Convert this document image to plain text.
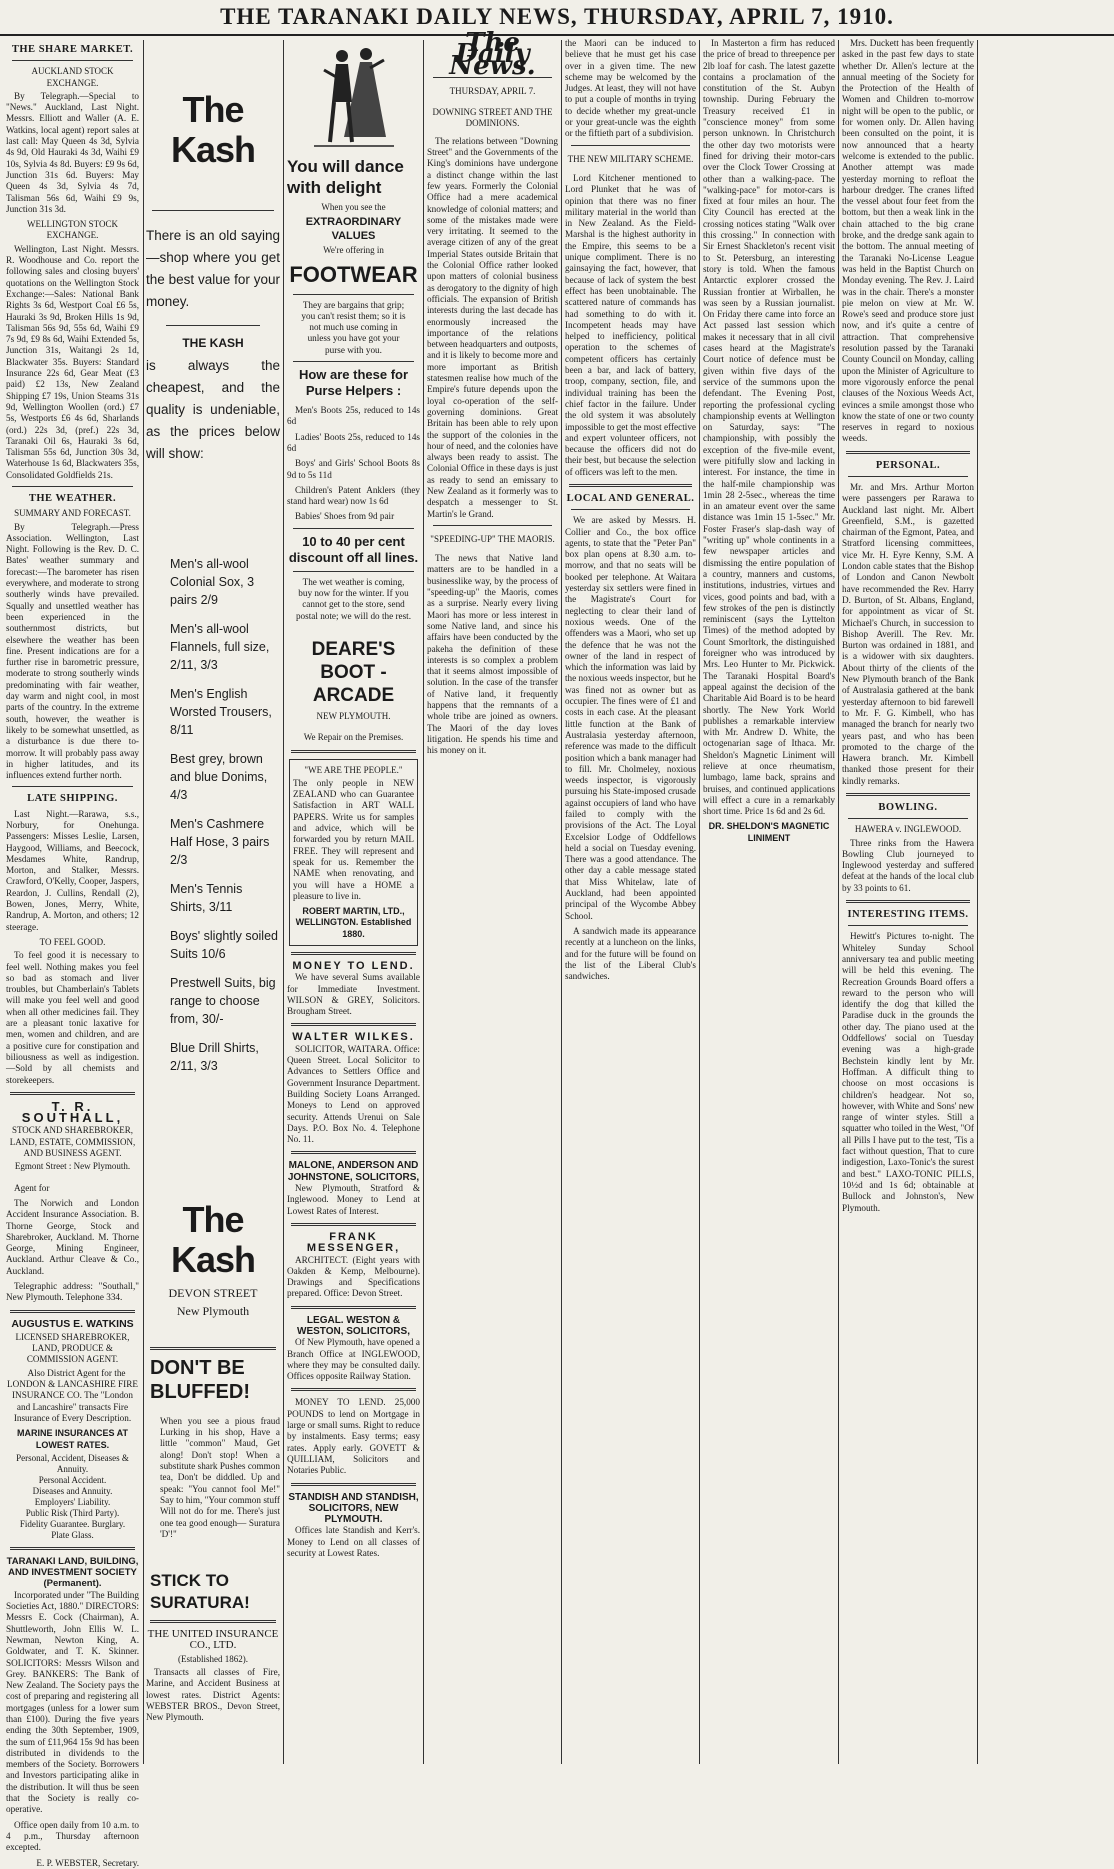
THE TARANAKI DAILY NEWS, THURSDAY, APRIL 7, 1910.
THE SHARE MARKET.
AUCKLAND STOCK EXCHANGE.

By Telegraph.—Special to "News." Auckland, Last Night. Messrs. Elliott and Waller (A. E. Watkins, local agent) report sales at last call: May Queen 4s 3d, Sylvia 4s 9d, Old Hauraki 4s 3d, Waihi £9 10s, Sylvia 4s 8d. Buyers: £9 9s 6d, Junction 31s 6d. Buyers: May Queen 4s 3d, Sylvia 4s 7d, Talisman 56s 6d, Waihi £9 9s, Junction 31s 3d.

WELLINGTON STOCK EXCHANGE.

Wellington, Last Night. Messrs. R. Woodhouse and Co. report the following sales and closing buyers' quotations on the Wellington Stock Exchange:—Sales: National Bank Rights 3s 6d, Westport Coal £6 5s, Hauraki 3s 9d, Broken Hills 1s 9d, Talisman 56s 9d, 55s 6d, Waihi £9 7s 9d, £9 8s 6d, Waihi Extended 5s, Junction 31s, Waitangi 2s 1d, Blackwater 35s. Buyers: Standard Insurance 22s 6d, Gear Meat (£3 paid) £2 13s, New Zealand Shipping £7 19s, Union Steams 31s 9d, Wellington Woollen (ord.) £7 5s, Westports £6 4s 6d, Sharlands (ord.) 22s 3d, (pref.) 22s 3d, Taranaki Oil 6s, Hauraki 3s 6d, Talisman 55s 6d, Junction 30s 3d, Waterhouse 1s 6d, Blackwaters 35s, Consolidated Goldfields 21s.

THE WEATHER.
SUMMARY AND FORECAST.

By Telegraph.—Press Association. Wellington, Last Night. Following is the Rev. D. C. Bates' weather summary and forecast:—The barometer has risen everywhere, and moderate to strong southerly winds have prevailed. Squally and unsettled weather has been experienced in the southernmost districts, but elsewhere the weather has been fine. Present indications are for a further rise in barometric pressure, moderate to strong southerly winds predominating with fair weather, day warm and night cool, in most parts of the country. In the extreme south, however, the weather is likely to be somewhat unsettled, as a disturbance is due there to-morrow. It will probably pass away in higher latitudes, and its influences extend further north.

LATE SHIPPING.

Last Night.—Rarawa, s.s., Norbury, for Onehunga. Passengers: Misses Leslie, Larsen, Haygood, Williams, and Beecock, Mesdames White, Randrup, Morton, and Stalker, Messrs. Crawford, O'Kelly, Cooper, Jaspers, Reardon, J. Cullins, Rendall (2), Bowen, Jones, Merry, White, Randrup, A. Morton, and others; 12 steerage.

TO FEEL GOOD.

To feel good it is necessary to feel well. Nothing makes you feel so bad as stomach and liver troubles, but Chamberlain's Tablets will make you feel well and good when all other medicines fail. They are a pleasant tonic laxative for men, women and children, and are a positive cure for constipation and biliousness as well as indigestion.—Sold by all chemists and storekeepers.

T. R. SOUTHALL,
STOCK AND SHAREBROKER, LAND, ESTATE, COMMISSION, AND BUSINESS AGENT.
Egmont Street : New Plymouth.

Agent for

The Norwich and London Accident Insurance Association. B. Thorne George, Stock and Sharebroker, Auckland. M. Thorne George, Mining Engineer, Auckland. Arthur Cleave & Co., Auckland.

Telegraphic address: "Southall," New Plymouth. Telephone 334.

AUGUSTUS E. WATKINS
LICENSED SHAREBROKER, LAND, PRODUCE & COMMISSION AGENT.

Also District Agent for the LONDON & LANCASHIRE FIRE INSURANCE CO. The "London and Lancashire" transacts Fire Insurance of Every Description.

MARINE INSURANCES AT LOWEST RATES.
Personal, Accident, Diseases & Annuity.
Personal Accident.
Diseases and Annuity.
Employers' Liability.
Public Risk (Third Party).
Fidelity Guarantee. Burglary.
Plate Glass.
TARANAKI LAND, BUILDING, AND INVESTMENT SOCIETY (Permanent).

Incorporated under "The Building Societies Act, 1880." DIRECTORS: Messrs E. Cock (Chairman), A. Shuttleworth, John Ellis W. L. Newman, Newton King, A. Goldwater, and T. K. Skinner. SOLICITORS: Messrs Wilson and Grey. BANKERS: The Bank of New Zealand. The Society pays the cost of preparing and registering all mortgages (unless for a lower sum than £100). During the five years ending the 30th September, 1909, the sum of £11,964 15s 9d has been distributed in dividends to the members of the Society. Borrowers and Investors participating alike in the distribution. It will thus be seen that the Society is really co-operative.

Office open daily from 10 a.m. to 4 p.m., Thursday afternoon excepted.

E. P. WEBSTER, Secretary.
The Kash
There is an old saying—shop where you get the best value for your money.
THE KASH
is always the cheapest, and the quality is undeniable, as the prices below will show:
Men's all-wool Colonial Sox, 3 pairs 2/9
Men's all-wool Flannels, full size, 2/11, 3/3
Men's English Worsted Trousers, 8/11
Best grey, brown and blue Donims, 4/3
Men's Cashmere Half Hose, 3 pairs 2/3
Men's Tennis Shirts, 3/11
Boys' slightly soiled Suits 10/6
Prestwell Suits, big range to choose from, 30/-
Blue Drill Shirts, 2/11, 3/3
The Kash
DEVON STREET
New Plymouth
DON'T BE BLUFFED!

When you see a pious fraud Lurking in his shop, Have a little "common" Maud, Get along! Don't stop! When a substitute shark Pushes common tea, Don't be diddled. Up and speak: "You cannot fool Me!" Say to him, "Your common stuff Will not do for me. There's just one tea good enough— Suratura 'D'!"

STICK TO SURATURA!
THE UNITED INSURANCE CO., LTD.
(Established 1862).

Transacts all classes of Fire, Marine, and Accident Business at lowest rates. District Agents: WEBSTER BROS., Devon Street, New Plymouth.

You will dance with delight
When you see the
EXTRAORDINARY VALUES
We're offering in
FOOTWEAR

They are bargains that grip; you can't resist them; so it is not much use coming in unless you have got your purse with you.

How are these for Purse Helpers :

Men's Boots 25s, reduced to 14s 6d

Ladies' Boots 25s, reduced to 14s 6d

Boys' and Girls' School Boots 8s 9d to 5s 11d

Children's Patent Anklers (they stand hard wear) now 1s 6d

Babies' Shoes from 9d pair

10 to 40 per cent discount off all lines.

The wet weather is coming, buy now for the winter. If you cannot get to the store, send postal note; we will do the rest.

DEARE'S BOOT - ARCADE
NEW PLYMOUTH.
We Repair on the Premises.
"WE ARE THE PEOPLE."

The only people in NEW ZEALAND who can Guarantee Satisfaction in ART WALL PAPERS. Write us for samples and advice, which will be forwarded you by return MAIL FREE. They will represent and speak for us. Remember the NAME when renovating, and you will have a HOME a pleasure to live in.

ROBERT MARTIN, LTD., WELLINGTON. Established 1880.
MONEY TO LEND.

We have several Sums available for Immediate Investment. WILSON & GREY, Solicitors. Brougham Street.

WALTER WILKES.

SOLICITOR, WAITARA. Office: Queen Street. Local Solicitor to Advances to Settlers Office and Government Insurance Department. Building Society Loans Arranged. Moneys to Lend on approved security. Attends Urenui on Sale Days. P.O. Box No. 4. Telephone No. 11.

MALONE, ANDERSON AND JOHNSTONE, SOLICITORS,

New Plymouth, Stratford & Inglewood. Money to Lend at Lowest Rates of Interest.

FRANK MESSENGER,

ARCHITECT. (Eight years with Oakden & Kemp, Melbourne). Drawings and Specifications prepared. Office: Devon Street.

LEGAL. WESTON & WESTON, SOLICITORS,

Of New Plymouth, have opened a Branch Office at INGLEWOOD, where they may be consulted daily. Offices opposite Railway Station.

MONEY TO LEND. 25,000 POUNDS to lend on Mortgage in large or small sums. Right to reduce by instalments. Easy terms; easy rates. Apply early. GOVETT & QUILLIAM, Solicitors and Notaries Public.

STANDISH AND STANDISH, SOLICITORS, NEW PLYMOUTH.

Offices late Standish and Kerr's. Money to Lend on all classes of security at Lowest Rates.

The Daily News.
THURSDAY, APRIL 7.
DOWNING STREET AND THE DOMINIONS.

The relations between "Downing Street" and the Governments of the King's dominions have undergone a distinct change within the last few years. Formerly the Colonial Office had a mere academical knowledge of colonial matters; and some of the mistakes made were very irritating. It seemed to the average citizen of any of the great Imperial States outside Britain that the Colonial Office rather looked upon matters of colonial business as derogatory to the dignity of high officials. The expansion of British interests during the last decade has enormously increased the importance of the relations between headquarters and outposts, and it is likely to become more and more important as British statesmen realise how much of the Empire's future depends upon the loyal co-operation of the self-governing dominions. Great Britain has been able to rely upon the support of the colonies in the hour of need, and the colonies have always been ready to assist. The Colonial Office in these days is just as ready to send an emissary to New Zealand as it formerly was to despatch a messenger to St. Martin's le Grand.

"SPEEDING-UP" THE MAORIS.

The news that Native land matters are to be handled in a businesslike way, by the process of "speeding-up" the Maoris, comes as a surprise. Nearly every living Maori has more or less interest in some Native land, and since his affairs have been conducted by the pakeha the definition of these interests is so complex a problem that it seems almost impossible of solution. In the case of the transfer of Native land, it frequently happens that the remnants of a whole tribe are joined as owners. The Maori of the day loves litigation. He spends his time and his money on it.

the Maori can be induced to believe that he must get his case over in a given time. The new scheme may be welcomed by the Judges. At least, they will not have to put a couple of months in trying to decide whether my great-uncle or your great-uncle was the eighth or the fiftieth part of a subdivision.

THE NEW MILITARY SCHEME.

Lord Kitchener mentioned to Lord Plunket that he was of opinion that there was no finer military material in the world than in New Zealand. As the Field-Marshal is the highest authority in the Empire, this seems to be a unique compliment. There is no gainsaying the fact, however, that because of lack of system the best effect has been unobtainable. The scattered nature of commands has had something to do with it. Incompetent heads may have helped to inefficiency, political operation to the schemes of competent officers has certainly been a bar, and lack of battery, troop, company, section, file, and individual training has been the chief factor in the failure. Under the old system it was absolutely impossible to get the most effective and expert volunteer officers, not because the officers did not do their best, but because the selection of officers was left to the men.

LOCAL AND GENERAL.

We are asked by Messrs. H. Collier and Co., the box office agents, to state that the "Peter Pan" box plan opens at 8.30 a.m. to-morrow, and that no seats will be booked per telephone. At Waitara yesterday six settlers were fined in the Magistrate's Court for neglecting to clear their land of noxious weeds. One of the offenders was a Maori, who set up the defence that he was not the owner of the land in respect of which the information was laid by the noxious weeds inspector, but he was fined not as owner but as occupier. The fines were of £1 and costs in each case. At the pleasant little function at the Bank of Australasia yesterday afternoon, reference was made to the difficult position which a bank manager had to fill. Mr. Cholmeley, noxious weeds inspector, is vigorously pursuing his State-imposed crusade against occupiers of land who have failed to comply with the provisions of the Act. The Loyal Excelsior Lodge of Oddfellows held a social on Tuesday evening. There was a good attendance. The other day a cable message stated that Miss Whitelaw, late of Auckland, had been appointed principal of the Wycombe Abbey School.

A sandwich made its appearance recently at a luncheon on the links, and for the future will be found on the list of the Liberal Club's sandwiches.

In Masterton a firm has reduced the price of bread to threepence per 2lb loaf for cash. The latest gazette contains a proclamation of the constitution of the St. Aubyn township. During February the Treasury received £1 in "conscience money" from some person unknown. In Christchurch the other day two motorists were fined for driving their motor-cars over the Clock Tower Crossing at other than a walking-pace. The "walking-pace" for motor-cars is fixed at four miles an hour. The City Council has erected at the crossing notices stating "Walk over this crossing." In connection with Sir Ernest Shackleton's recent visit to St. Petersburg, an interesting story is told. When the famous Antarctic explorer crossed the Russian frontier at Wirballen, he was seen by a Russian journalist. On Friday there came into force an Act passed last session which makes it necessary that in all civil cases heard at the Magistrate's Court notice of defence must be given within five days of the service of the summons upon the defendant. The Evening Post, reporting the professional cycling championship events at Wellington on Saturday, says: "The championship, with possibly the exception of the five-mile event, were pitifully slow and lacking in interest. For instance, the time in the half-mile championship was 1min 28 2-5sec., whereas the time in an amateur event over the same distance was 1min 15 1-5sec." Mr. Foster Fraser's slap-dash way of "writing up" whole continents in a few newspaper articles and dismissing the entire population of a country, manners and customs, institutions, industries, virtues and vices, good points and bad, with a few strokes of the pen is distinctly reminiscent (says the Lyttelton Times) of the method adopted by Count Smorltork, the distinguished foreigner who was introduced by Mrs. Leo Hunter to Mr. Pickwick. The Taranaki Hospital Board's appeal against the decision of the Charitable Aid Board is to be heard shortly. The New York World publishes a remarkable interview with Mr. Andrew D. White, the octogenarian sage of Ithaca. Mr. Sheldon's Magnetic Liniment will relieve at once rheumatism, lumbago, lame back, sprains and bruises, and continued applications will effect a cure in a remarkably short time. Price 1s 6d and 2s 6d.

DR. SHELDON'S MAGNETIC LINIMENT

Mrs. Duckett has been frequently asked in the past few days to state whether Dr. Allen's lecture at the annual meeting of the Society for the Protection of the Health of Women and Children to-morrow night will be open to the public, or for women only. Dr. Allen having been consulted on the point, it is now announced that a hearty welcome is extended to the public. Another attempt was made yesterday morning to refloat the harbour dredger. The cranes lifted the vessel about four feet from the bottom, but then a weak link in the chain attached to the big crane broke, and the dredge sank again to the bottom. The annual meeting of the Taranaki No-License League was held in the Baptist Church on Monday evening. The Rev. J. Laird was in the chair. There's a monster pie melon on view at Mr. W. Rowe's seed and produce store just now, and it's quite a centre of attraction. That comprehensive resolution passed by the Taranaki County Council on Monday, calling upon the Minister of Agriculture to more vigorously enforce the penal clauses of the Noxious Weeds Act, evinces a smile amongst those who know the state of one or two county reserves in regard to noxious weeds.

PERSONAL.

Mr. and Mrs. Arthur Morton were passengers per Rarawa to Auckland last night. Mr. Albert Greenfield, S.M., is gazetted chairman of the Egmont, Patea, and Stratford licensing committees, vice Mr. H. Eyre Kenny, S.M. A London cable states that the Bishop of London and Canon Newbolt have recommended the Rev. Harry D. Burton, of St. Albans, England, for appointment as vicar of St. Michael's Church, in succession to Bishop Averill. The Rev. Mr. Burton was ordained in 1881, and is a widower with six daughters. About thirty of the clients of the New Plymouth branch of the Bank of Australasia gathered at the bank yesterday afternoon to bid farewell to Mr. F. G. Kimbell, who has managed the branch for nearly two years past, and who has been promoted to the charge of the Hawera branch. Mr. Kimbell thanked those present for their kindly remarks.

BOWLING.
HAWERA v. INGLEWOOD.

Three rinks from the Hawera Bowling Club journeyed to Inglewood yesterday and suffered defeat at the hands of the local club by 33 points to 61.

INTERESTING ITEMS.

Hewitt's Pictures to-night. The Whiteley Sunday School anniversary tea and public meeting will be held this evening. The Recreation Grounds Board offers a reward to the person who will identify the dog that killed the Paradise duck in the grounds the other day. The piano used at the Oddfellows' social on Tuesday evening was a high-grade Bechstein kindly lent by Mr. Hoffman. A difficult thing to choose on most occasions is children's headgear. Not so, however, with White and Sons' new range of winter styles. Still a squatter who toiled in the West, "Of all Pills I have put to the test, 'Tis a fact without question, That to cure indigestion, Laxo-Tonic's the surest and best." LAXO-TONIC PILLS, 10½d and 1s 6d; obtainable at Bullock and Johnston's, New Plymouth.
